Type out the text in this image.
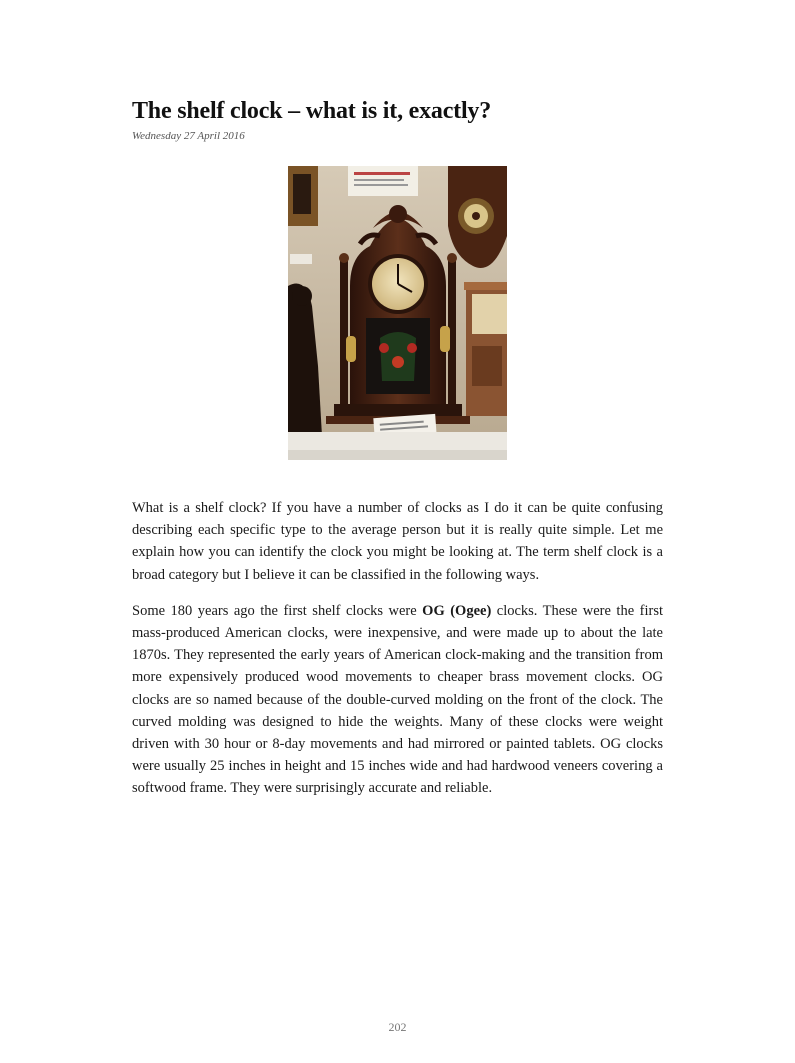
The shelf clock – what is it, exactly?
Wednesday 27 April 2016

What is a shelf clock? If you have a number of clocks as I do it can be quite confusing describing each specific type to the average person but it is really quite simple. Let me explain how you can identify the clock you might be looking at. The term shelf clock is a broad category but I believe it can be classified in the following ways.

Some 180 years ago the first shelf clocks were OG (Ogee) clocks. These were the first mass-produced American clocks, were inexpensive, and were made up to about the late 1870s. They represented the early years of American clock-making and the transition from more expensively produced wood movements to cheaper brass movement clocks. OG clocks are so named because of the double-curved molding on the front of the clock. The curved molding was designed to hide the weights. Many of these clocks were weight driven with 30 hour or 8-day movements and had mirrored or painted tablets. OG clocks were usually 25 inches in height and 15 inches wide and had hardwood veneers covering a softwood frame. They were surprisingly accurate and reliable.

202
